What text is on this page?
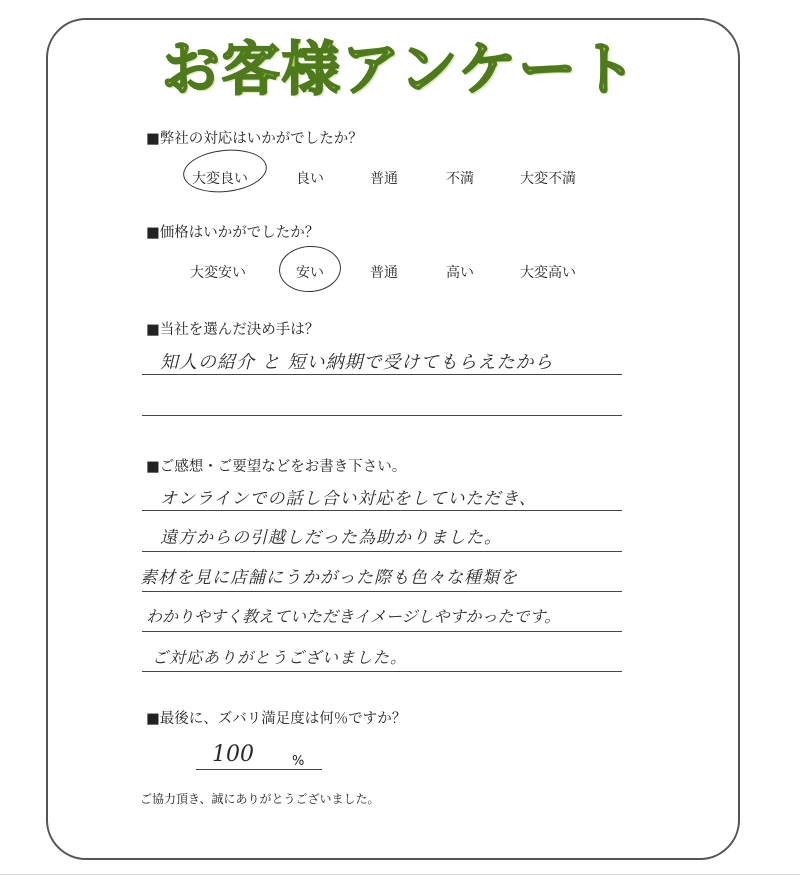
お客様アンケート
■弊社の対応はいかがでしたか？
大変良い	良い	普通	不満	大変不満
■価格はいかがでしたか？
大変安い	安い	普通	高い	大変高い
■当社を選んだ決め手は？
知人の紹介 と 短い納期で受けてもらえたから
■ご感想・ご要望などをお書き下さい。
オンラインでの話し合い対応をしていただき、
遠方からの引越しだった為助かりました。
素材を見に店舗にうかがった際も色々な種類を
わかりやすく教えていただきイメージしやすかったです。
ご対応ありがとうございました。
■最後に、ズバリ満足度は何％ですか？
100	%
ご協力頂き、誠にありがとうございました。
